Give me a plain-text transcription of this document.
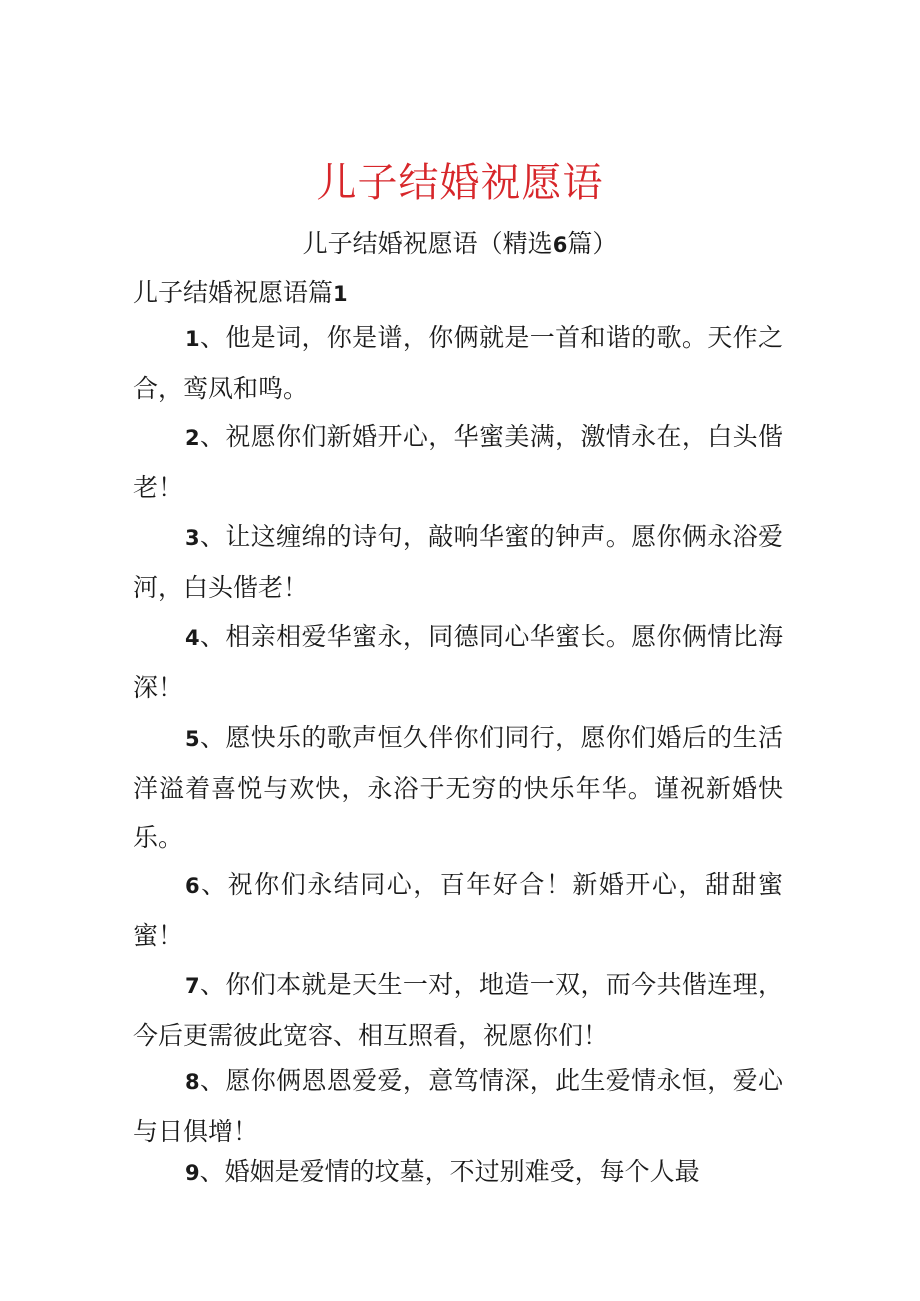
儿子结婚祝愿语

儿子结婚祝愿语（精选6篇）

儿子结婚祝愿语篇1

1、他是词，你是谱，你俩就是一首和谐的歌。天作之合，鸾凤和鸣。

2、祝愿你们新婚开心，华蜜美满，激情永在，白头偕老！

3、让这缠绵的诗句，敲响华蜜的钟声。愿你俩永浴爱河，白头偕老！

4、相亲相爱华蜜永，同德同心华蜜长。愿你俩情比海深！

5、愿快乐的歌声恒久伴你们同行，愿你们婚后的生活洋溢着喜悦与欢快，永浴于无穷的快乐年华。谨祝新婚快乐。

6、祝你们永结同心，百年好合！新婚开心，甜甜蜜蜜！

7、你们本就是天生一对，地造一双，而今共偕连理，今后更需彼此宽容、相互照看，祝愿你们！

8、愿你俩恩恩爱爱，意笃情深，此生爱情永恒，爱心与日俱增！

9、婚姻是爱情的坟墓，不过别难受，每个人最
